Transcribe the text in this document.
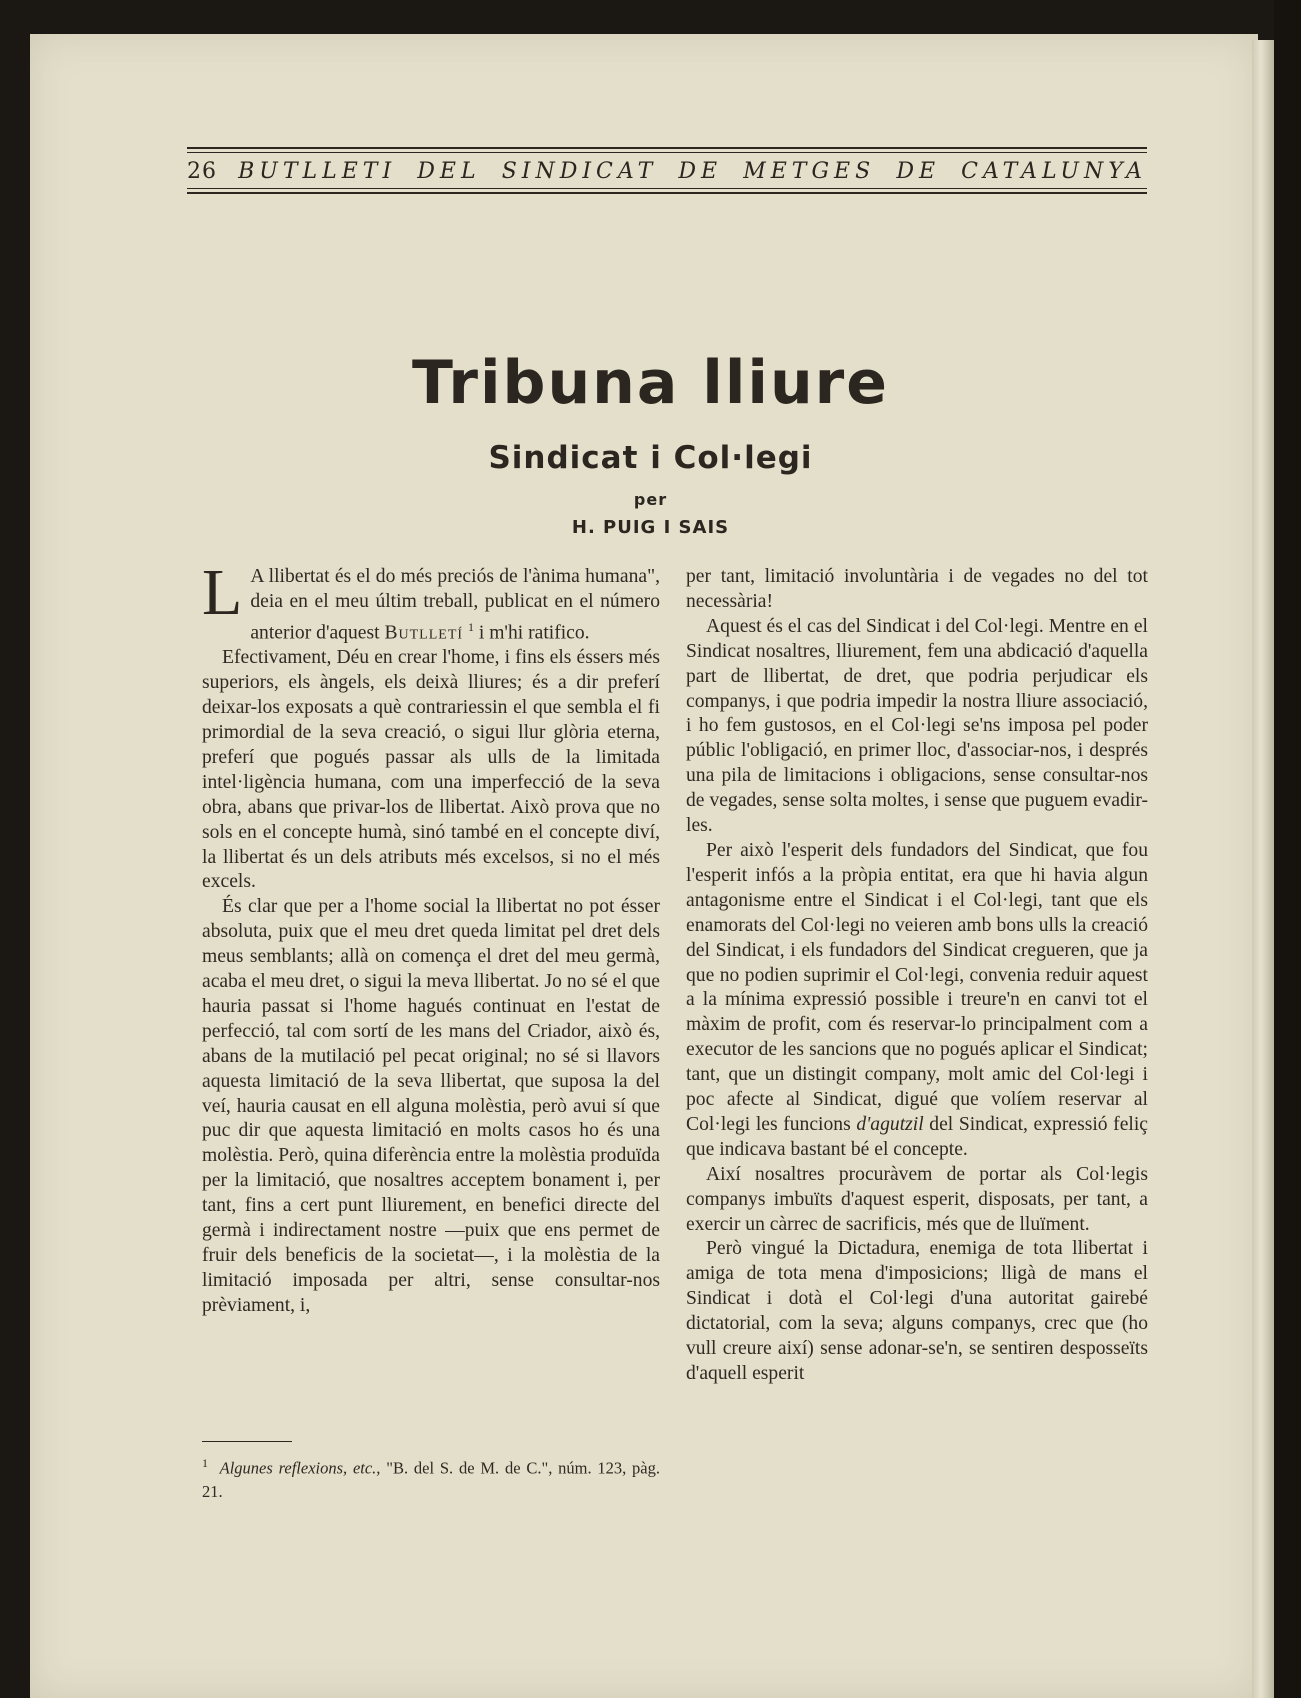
26 BUTLLETI DEL SINDICAT DE METGES DE CATALUNYA
Tribuna lliure
Sindicat i Col·legi
per
H. PUIG I SAIS

L A llibertat és el do més preciós de l'ànima humana", deia en el meu últim treball, publicat en el número anterior d'aquest Butlletí $^1$ i m'hi ratifico.

Efectivament, Déu en crear l'home, i fins els éssers més superiors, els àngels, els deixà lliures; és a dir preferí deixar-los exposats a què contrariessin el que sembla el fi primordial de la seva creació, o sigui llur glòria eterna, preferí que pogués passar als ulls de la limitada intel·ligència humana, com una imperfecció de la seva obra, abans que privar-los de llibertat. Això prova que no sols en el concepte humà, sinó també en el concepte diví, la llibertat és un dels atributs més excelsos, si no el més excels.

És clar que per a l'home social la llibertat no pot ésser absoluta, puix que el meu dret queda limitat pel dret dels meus semblants; allà on comença el dret del meu germà, acaba el meu dret, o sigui la meva llibertat. Jo no sé el que hauria passat si l'home hagués continuat en l'estat de perfecció, tal com sortí de les mans del Criador, això és, abans de la mutilació pel pecat original; no sé si llavors aquesta limitació de la seva llibertat, que suposa la del veí, hauria causat en ell alguna molèstia, però avui sí que puc dir que aquesta limitació en molts casos ho és una molèstia. Però, quina diferència entre la molèstia produïda per la limitació, que nosaltres acceptem bonament i, per tant, fins a cert punt lliurement, en benefici directe del germà i indirectament nostre —puix que ens permet de fruir dels beneficis de la societat—, i la molèstia de la limitació imposada per altri, sense consultar-nos prèviament, i,

$^1$ Algunes reflexions, etc., "B. del S. de M. de C.", núm. 123, pàg. 21.

per tant, limitació involuntària i de vegades no del tot necessària!

Aquest és el cas del Sindicat i del Col·legi. Mentre en el Sindicat nosaltres, lliurement, fem una abdicació d'aquella part de llibertat, de dret, que podria perjudicar els companys, i que podria impedir la nostra lliure associació, i ho fem gustosos, en el Col·legi se'ns imposa pel poder públic l'obligació, en primer lloc, d'associar-nos, i després una pila de limitacions i obligacions, sense consultar-nos de vegades, sense solta moltes, i sense que puguem evadir-les.

Per això l'esperit dels fundadors del Sindicat, que fou l'esperit infós a la pròpia entitat, era que hi havia algun antagonisme entre el Sindicat i el Col·legi, tant que els enamorats del Col·legi no veieren amb bons ulls la creació del Sindicat, i els fundadors del Sindicat cregueren, que ja que no podien suprimir el Col·legi, convenia reduir aquest a la mínima expressió possible i treure'n en canvi tot el màxim de profit, com és reservar-lo principalment com a executor de les sancions que no pogués aplicar el Sindicat; tant, que un distingit company, molt amic del Col·legi i poc afecte al Sindicat, digué que volíem reservar al Col·legi les funcions d'agutzil del Sindicat, expressió feliç que indicava bastant bé el concepte.

Així nosaltres procuràvem de portar als Col·legis companys imbuïts d'aquest esperit, disposats, per tant, a exercir un càrrec de sacrificis, més que de lluïment.

Però vingué la Dictadura, enemiga de tota llibertat i amiga de tota mena d'imposicions; lligà de mans el Sindicat i dotà el Col·legi d'una autoritat gairebé dictatorial, com la seva; alguns companys, crec que (ho vull creure així) sense adonar-se'n, se sentiren desposseïts d'aquell esperit
